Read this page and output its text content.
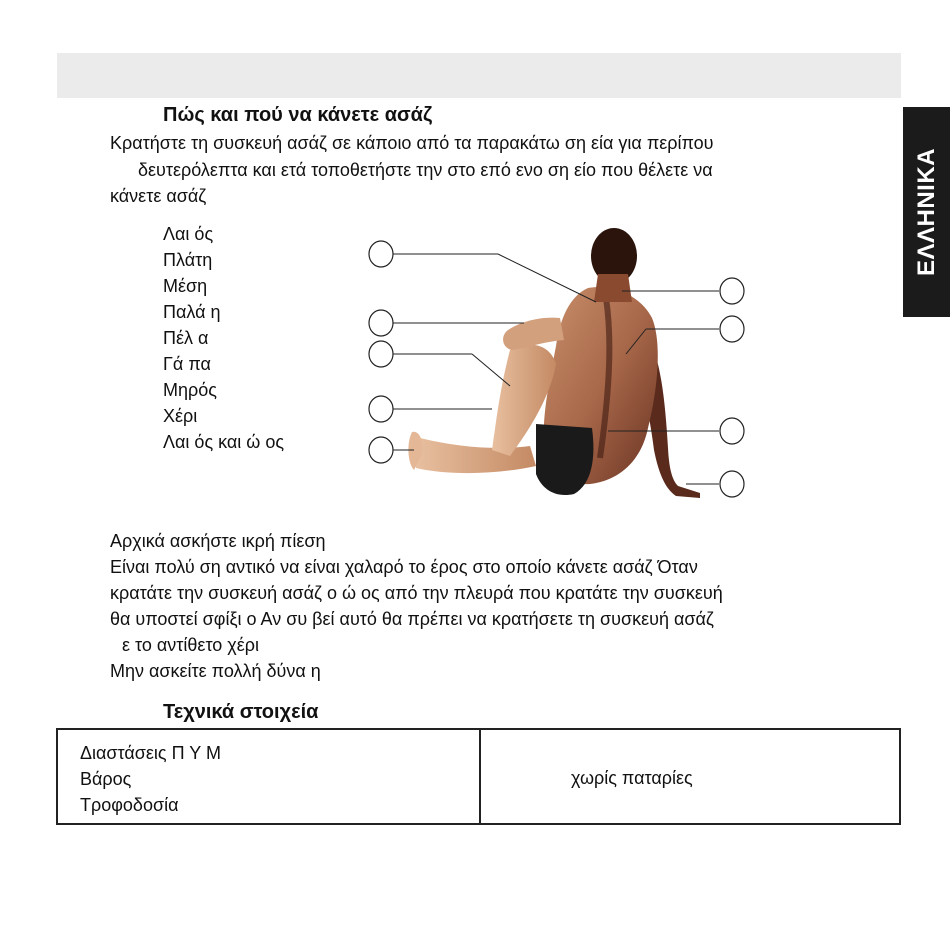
ΕΛΛΗΝΙΚΑ
Πώς και πού να κάνετε ασάζ
Κρατήστε τη συσκευή ασάζ σε κάποιο από τα παρακάτω ση εία για περίπου
δευτερόλεπτα και ετά τοποθετήστε την στο επό ενο ση είο που θέλετε να
κάνετε ασάζ
Λαι ός
Πλάτη
Μέση
Παλά η
Πέλ α
Γά πα
Μηρός
Χέρι
Λαι ός και ώ ος
Αρχικά ασκήστε ικρή πίεση
Είναι πολύ ση αντικό να είναι χαλαρό το έρος στο οποίο κάνετε ασάζ Όταν
κρατάτε την συσκευή ασάζ ο ώ ος από την πλευρά που κρατάτε την συσκευή
θα υποστεί σφίξι ο Αν συ βεί αυτό θα πρέπει να κρατήσετε τη συσκευή ασάζ
ε το αντίθετο χέρι
Μην ασκείτε πολλή δύνα η
Τεχνικά στοιχεία
Διαστάσεις Π Υ Μ
Βάρος
Τροφοδοσία
χωρίς παταρίες
